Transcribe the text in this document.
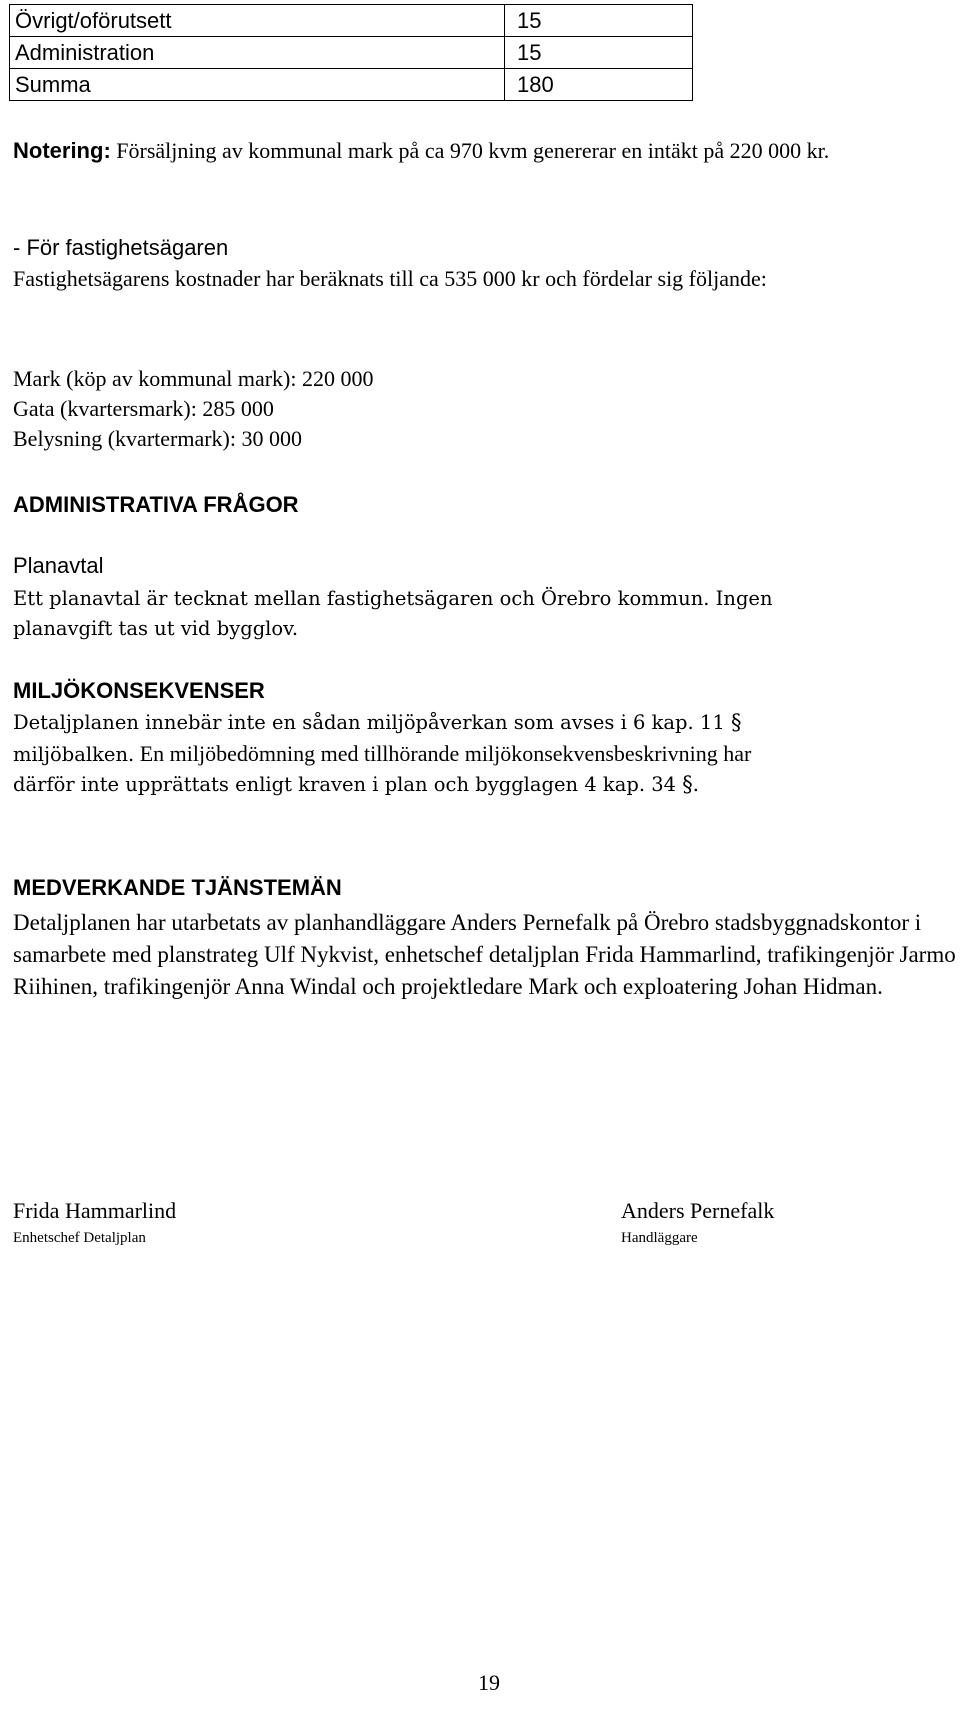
Övrigt/oförutsett	15
Administration	15
Summa	180
Notering: Försäljning av kommunal mark på ca 970 kvm genererar en intäkt på 220 000 kr.
- För fastighetsägaren
Fastighetsägarens kostnader har beräknats till ca 535 000 kr och fördelar sig följande:
Mark (köp av kommunal mark): 220 000
Gata (kvartersmark): 285 000
Belysning (kvartermark): 30 000
ADMINISTRATIVA FRÅGOR
Planavtal
Ett planavtal är tecknat mellan fastighetsägaren och Örebro kommun. Ingen planavgift tas ut vid bygglov.
MILJÖKONSEKVENSER
Detaljplanen innebär inte en sådan miljöpåverkan som avses i 6 kap. 11 §
miljöbalken. En miljöbedömning med tillhörande miljökonsekvensbeskrivning har
därför inte upprättats enligt kraven i plan och bygglagen 4 kap. 34 §.
MEDVERKANDE TJÄNSTEMÄN
Detaljplanen har utarbetats av planhandläggare Anders Pernefalk på Örebro stadsbyggnadskontor i samarbete med planstrateg Ulf Nykvist, enhetschef detaljplan Frida Hammarlind, trafikingenjör Jarmo Riihinen, trafikingenjör Anna Windal och projektledare Mark och exploatering Johan Hidman.
Frida Hammarlind
Enhetschef Detaljplan
Anders Pernefalk
Handläggare
19
